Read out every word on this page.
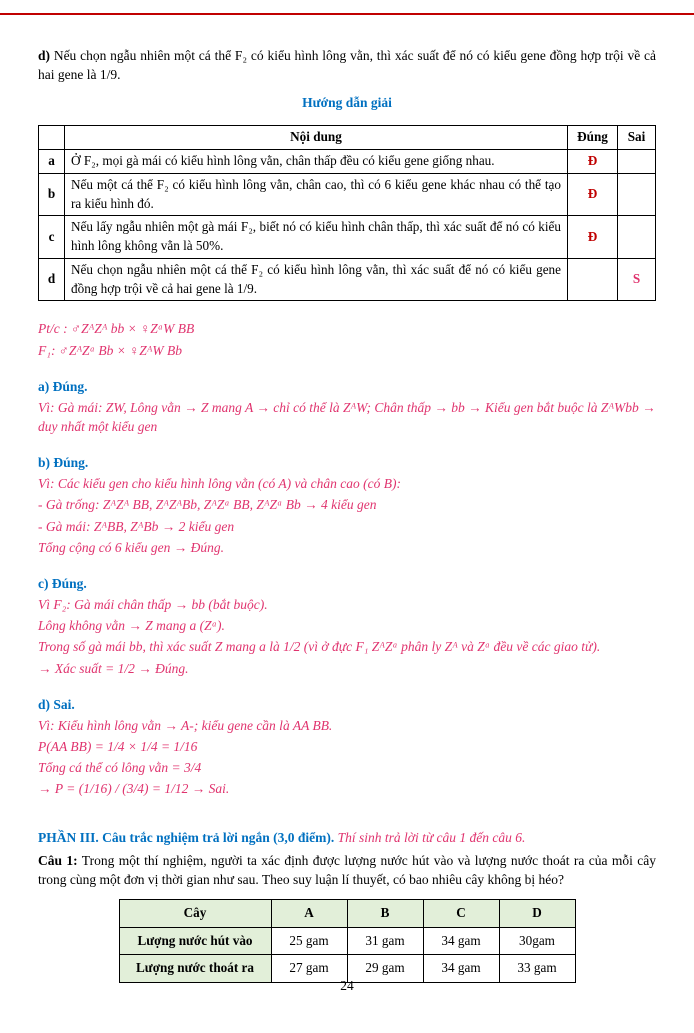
d) Nếu chọn ngẫu nhiên một cá thể F₂ có kiểu hình lông vằn, thì xác suất để nó có kiểu gene đồng hợp trội về cả hai gene là 1/9.

Hướng dẫn giải
	Nội dung	Đúng	Sai
a	Ở F₂, mọi gà mái có kiểu hình lông vằn, chân thấp đều có kiểu gene giống nhau.	Đ	
b	Nếu một cá thể F₂ có kiểu hình lông vằn, chân cao, thì có 6 kiểu gene khác nhau có thể tạo ra kiểu hình đó.	Đ	
c	Nếu lấy ngẫu nhiên một gà mái F₂, biết nó có kiểu hình chân thấp, thì xác suất để nó có kiểu hình lông không vằn là 50%.	Đ	
d	Nếu chọn ngẫu nhiên một cá thể F₂ có kiểu hình lông vằn, thì xác suất để nó có kiểu gene đồng hợp trội về cả hai gene là 1/9.		S

Pt/c : ♂ZᴬZᴬ bb × ♀ZᵃW BB

F₁: ♂ZᴬZᵃ Bb × ♀ZᴬW Bb

a) Đúng.

Vì: Gà mái: ZW, Lông vằn → Z mang A → chỉ có thể là ZᴬW; Chân thấp → bb → Kiểu gen bắt buộc là ZᴬWbb → duy nhất một kiểu gen

b) Đúng.

Vì: Các kiểu gen cho kiểu hình lông vằn (có A) và chân cao (có B):

- Gà trống: ZᴬZᴬ BB, ZᴬZᴬBb, ZᴬZᵃ BB, ZᴬZᵃ Bb → 4 kiểu gen

- Gà mái: ZᴬBB, ZᴬBb → 2 kiểu gen

Tổng cộng có 6 kiểu gen → Đúng.

c) Đúng.

Vì F₂: Gà mái chân thấp → bb (bắt buộc).

Lông không vằn → Z mang a (Zᵃ).

Trong số gà mái bb, thì xác suất Z mang a là 1/2 (vì ở đực F₁ ZᴬZᵃ phân ly Zᴬ và Zᵃ đều về các giao tử).

→ Xác suất = 1/2 → Đúng.

d) Sai.

Vì: Kiểu hình lông vằn → A-; kiểu gene cần là AA BB.

P(AA BB) = 1/4 × 1/4 = 1/16

Tổng cá thể có lông vằn = 3/4

→ P = (1/16) / (3/4) = 1/12 → Sai.

PHẦN III. Câu trắc nghiệm trả lời ngắn (3,0 điểm). Thí sinh trả lời từ câu 1 đến câu 6.

Câu 1: Trong một thí nghiệm, người ta xác định được lượng nước hút vào và lượng nước thoát ra của mỗi cây trong cùng một đơn vị thời gian như sau. Theo suy luận lí thuyết, có bao nhiêu cây không bị héo?

Cây	A	B	C	D
Lượng nước hút vào	25 gam	31 gam	34 gam	30gam
Lượng nước thoát ra	27 gam	29 gam	34 gam	33 gam
24
